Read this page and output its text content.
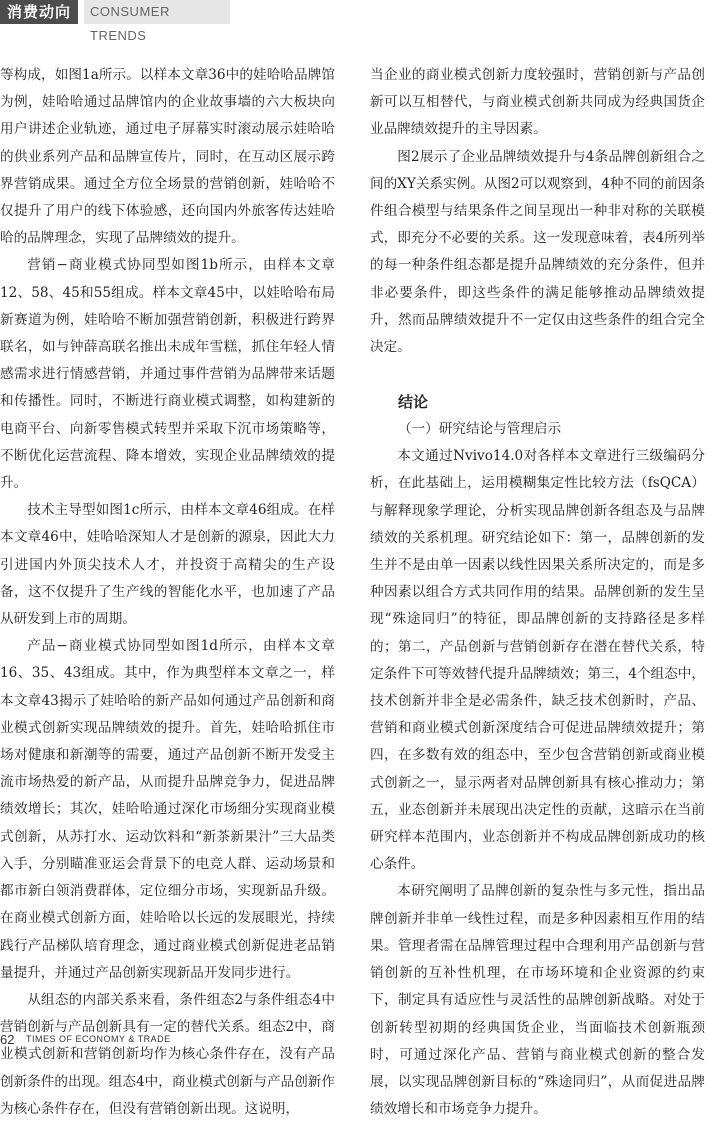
消费动向	CONSUMER TRENDS

等构成，如图1a所示。以样本文章36中的娃哈哈品牌馆为例，娃哈哈通过品牌馆内的企业故事墙的六大板块向用户讲述企业轨迹，通过电子屏幕实时滚动展示娃哈哈的供业系列产品和品牌宣传片，同时，在互动区展示跨界营销成果。通过全方位全场景的营销创新，娃哈哈不仅提升了用户的线下体验感，还向国内外旅客传达娃哈哈的品牌理念，实现了品牌绩效的提升。

营销−商业模式协同型如图1b所示，由样本文章12、58、45和55组成。样本文章45中，以娃哈哈布局新赛道为例，娃哈哈不断加强营销创新，积极进行跨界联名，如与钟薛高联名推出未成年雪糕，抓住年轻人情感需求进行情感营销，并通过事件营销为品牌带来话题和传播性。同时，不断进行商业模式调整，如构建新的电商平台、向新零售模式转型并采取下沉市场策略等，不断优化运营流程、降本增效，实现企业品牌绩效的提升。

技术主导型如图1c所示，由样本文章46组成。在样本文章46中，娃哈哈深知人才是创新的源泉，因此大力引进国内外顶尖技术人才，并投资于高精尖的生产设备，这不仅提升了生产线的智能化水平，也加速了产品从研发到上市的周期。

产品−商业模式协同型如图1d所示，由样本文章16、35、43组成。其中，作为典型样本文章之一，样本文章43揭示了娃哈哈的新产品如何通过产品创新和商业模式创新实现品牌绩效的提升。首先，娃哈哈抓住市场对健康和新潮等的需要，通过产品创新不断开发受主流市场热爱的新产品，从而提升品牌竞争力，促进品牌绩效增长；其次，娃哈哈通过深化市场细分实现商业模式创新，从苏打水、运动饮料和“新茶新果汁”三大品类入手，分别瞄准亚运会背景下的电竞人群、运动场景和都市新白领消费群体，定位细分市场，实现新品升级。在商业模式创新方面，娃哈哈以长远的发展眼光，持续践行产品梯队培育理念，通过商业模式创新促进老品销量提升，并通过产品创新实现新品开发同步进行。

从组态的内部关系来看，条件组态2与条件组态4中营销创新与产品创新具有一定的替代关系。组态2中，商业模式创新和营销创新均作为核心条件存在，没有产品创新条件的出现。组态4中，商业模式创新与产品创新作为核心条件存在，但没有营销创新出现。这说明，

当企业的商业模式创新力度较强时，营销创新与产品创新可以互相替代，与商业模式创新共同成为经典国货企业品牌绩效提升的主导因素。

图2展示了企业品牌绩效提升与4条品牌创新组合之间的XY关系实例。从图2可以观察到，4种不同的前因条件组合模型与结果条件之间呈现出一种非对称的关联模式，即充分不必要的关系。这一发现意味着，表4所列举的每一种条件组态都是提升品牌绩效的充分条件，但并非必要条件，即这些条件的满足能够推动品牌绩效提升，然而品牌绩效提升不一定仅由这些条件的组合完全决定。

结论
（一）研究结论与管理启示

本文通过Nvivo14.0对各样本文章进行三级编码分析，在此基础上，运用模糊集定性比较方法（fsQCA）与解释现象学理论，分析实现品牌创新各组态及与品牌绩效的关系机理。研究结论如下：第一，品牌创新的发生并不是由单一因素以线性因果关系所决定的，而是多种因素以组合方式共同作用的结果。品牌创新的发生呈现“殊途同归”的特征，即品牌创新的支持路径是多样的；第二，产品创新与营销创新存在潜在替代关系，特定条件下可等效替代提升品牌绩效；第三，4个组态中，技术创新并非全是必需条件，缺乏技术创新时，产品、营销和商业模式创新深度结合可促进品牌绩效提升；第四，在多数有效的组态中，至少包含营销创新或商业模式创新之一，显示两者对品牌创新具有核心推动力；第五，业态创新并未展现出决定性的贡献，这暗示在当前研究样本范围内，业态创新并不构成品牌创新成功的核心条件。

本研究阐明了品牌创新的复杂性与多元性，指出品牌创新并非单一线性过程，而是多种因素相互作用的结果。管理者需在品牌管理过程中合理利用产品创新与营销创新的互补性机理，在市场环境和企业资源的约束下，制定具有适应性与灵活性的品牌创新战略。对处于创新转型初期的经典国货企业，当面临技术创新瓶颈时，可通过深化产品、营销与商业模式创新的整合发展，以实现品牌创新目标的“殊途同归”，从而促进品牌绩效增长和市场竞争力提升。

62 TIMES OF ECONOMY & TRADE
